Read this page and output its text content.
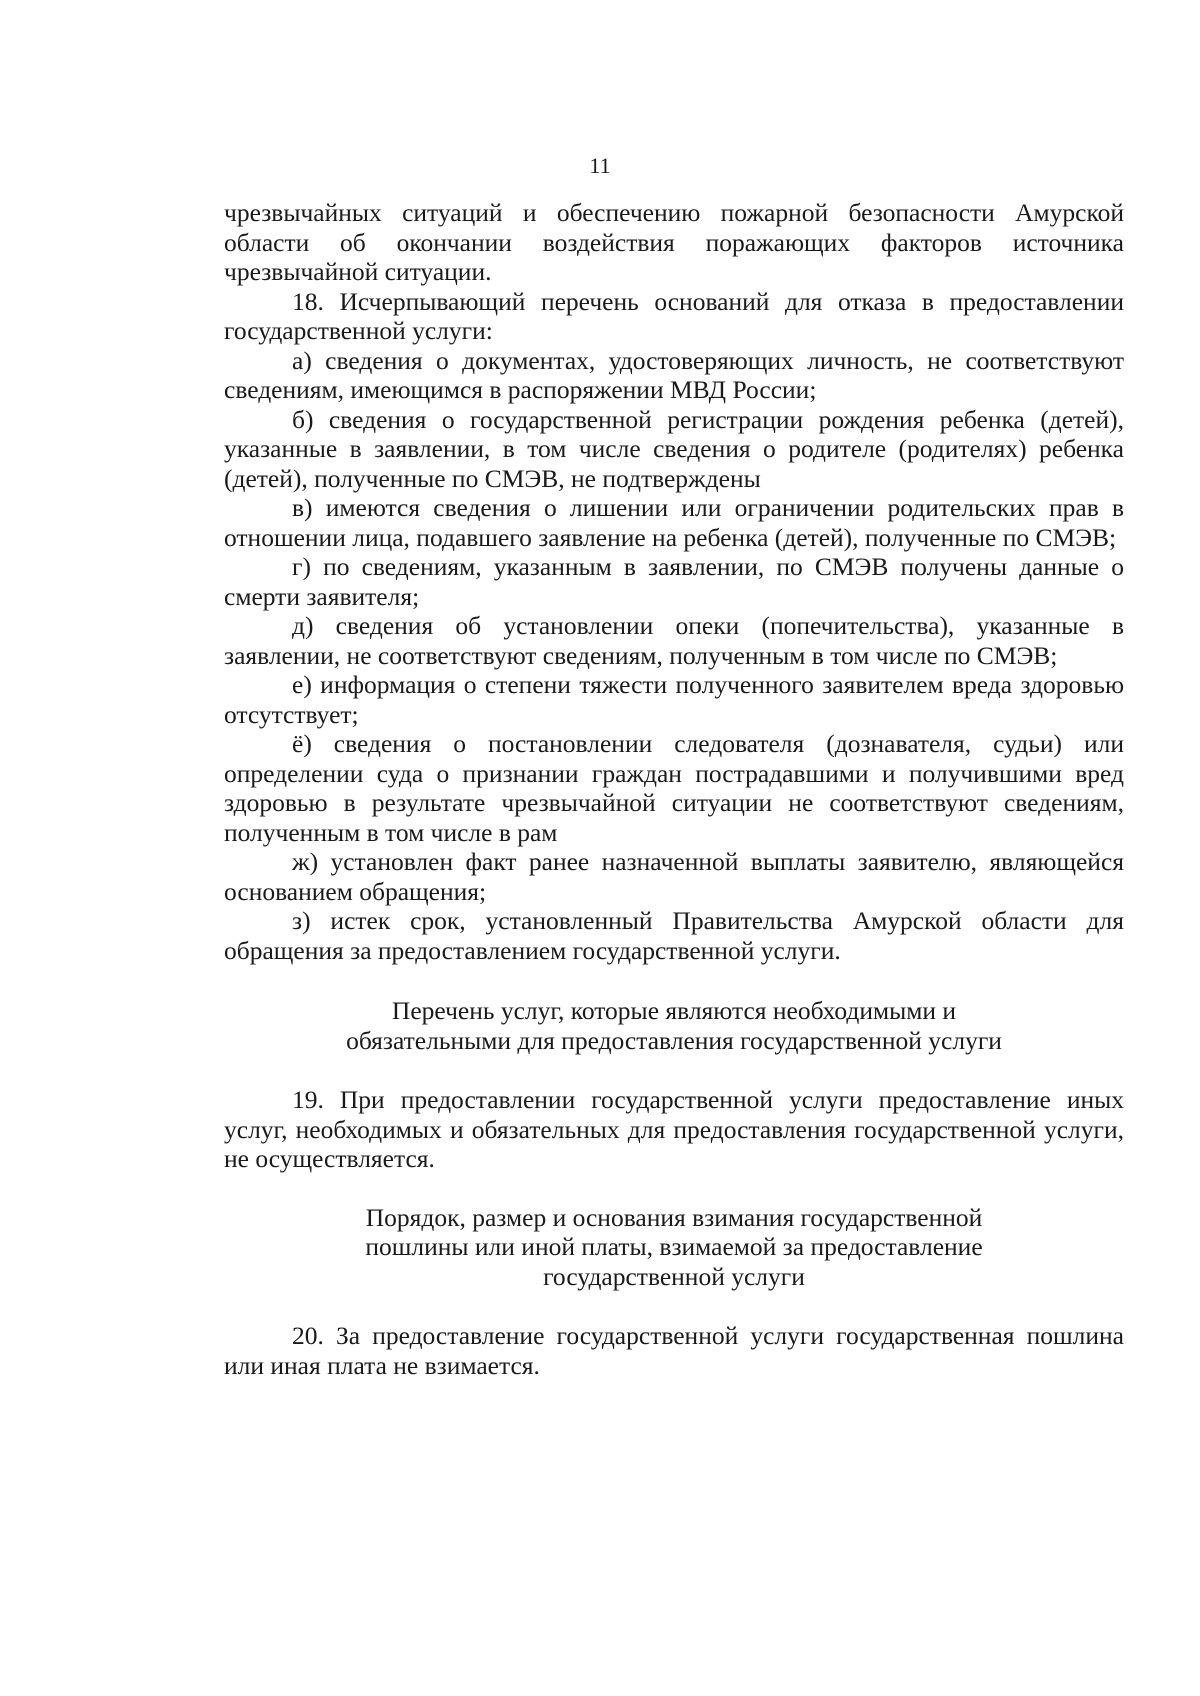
11

чрезвычайных ситуаций и обеспечению пожарной безопасности Амурской области об окончании воздействия поражающих факторов источника чрезвычайной ситуации.

18. Исчерпывающий перечень оснований для отказа в предоставлении государственной услуги:

а) сведения о документах, удостоверяющих личность, не соответствуют сведениям, имеющимся в распоряжении МВД России;

б) сведения о государственной регистрации рождения ребенка (детей), указанные в заявлении, в том числе сведения о родителе (родителях) ребенка (детей), полученные по СМЭВ, не подтверждены

в) имеются сведения о лишении или ограничении родительских прав в отношении лица, подавшего заявление на ребенка (детей), полученные по СМЭВ;

г) по сведениям, указанным в заявлении, по СМЭВ получены данные о смерти заявителя;

д) сведения об установлении опеки (попечительства), указанные в заявлении, не соответствуют сведениям, полученным в том числе по СМЭВ;

е) информация о степени тяжести полученного заявителем вреда здоровью отсутствует;

ё) сведения о постановлении следователя (дознавателя, судьи) или определении суда о признании граждан пострадавшими и получившими вред здоровью в результате чрезвычайной ситуации не соответствуют сведениям, полученным в том числе в рам

ж) установлен факт ранее назначенной выплаты заявителю, являющейся основанием обращения;

з) истек срок, установленный Правительства Амурской области для обращения за предоставлением государственной услуги.

Перечень услуг, которые являются необходимыми и
обязательными для предоставления государственной услуги

19. При предоставлении государственной услуги предоставление иных услуг, необходимых и обязательных для предоставления государственной услуги, не осуществляется.

Порядок, размер и основания взимания государственной
пошлины или иной платы, взимаемой за предоставление
государственной услуги

20. За предоставление государственной услуги государственная пошлина или иная плата не взимается.
